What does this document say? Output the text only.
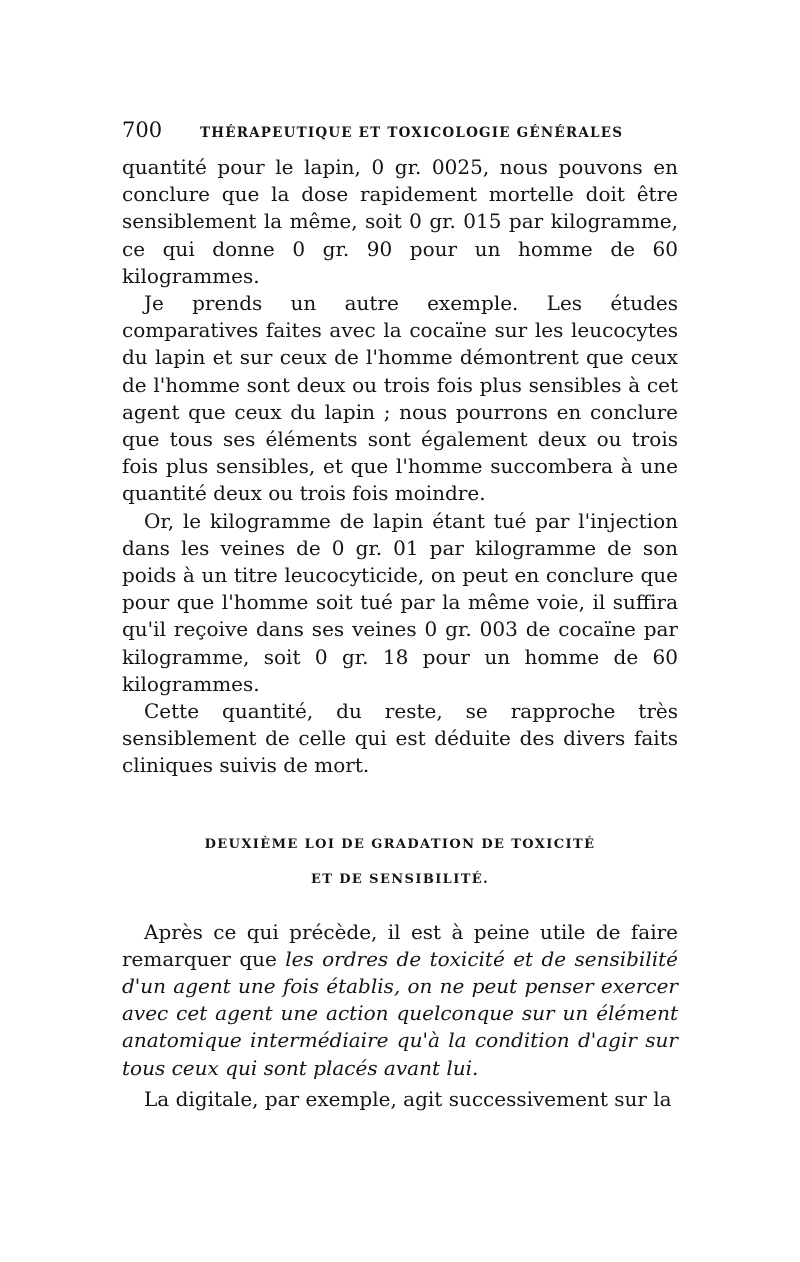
700	THÉRAPEUTIQUE ET TOXICOLOGIE GÉNÉRALES

quantité pour le lapin, 0 gr. 0025, nous pouvons en conclure que la dose rapidement mortelle doit être sensiblement la même, soit 0 gr. 015 par kilogramme, ce qui donne 0 gr. 90 pour un homme de 60 kilogrammes.

Je prends un autre exemple. Les études comparatives faites avec la cocaïne sur les leucocytes du lapin et sur ceux de l'homme démontrent que ceux de l'homme sont deux ou trois fois plus sensibles à cet agent que ceux du lapin ; nous pourrons en conclure que tous ses éléments sont également deux ou trois fois plus sensibles, et que l'homme succombera à une quantité deux ou trois fois moindre.

Or, le kilogramme de lapin étant tué par l'injection dans les veines de 0 gr. 01 par kilogramme de son poids à un titre leucocyticide, on peut en conclure que pour que l'homme soit tué par la même voie, il suffira qu'il reçoive dans ses veines 0 gr. 003 de cocaïne par kilogramme, soit 0 gr. 18 pour un homme de 60 kilogrammes.

Cette quantité, du reste, se rapproche très sensiblement de celle qui est déduite des divers faits cliniques suivis de mort.

DEUXIÈME LOI DE GRADATION DE TOXICITÉ

ET DE SENSIBILITÉ.

Après ce qui précède, il est à peine utile de faire remarquer que les ordres de toxicité et de sensibilité d'un agent une fois établis, on ne peut penser exercer avec cet agent une action quelconque sur un élément anatomique intermédiaire qu'à la condition d'agir sur tous ceux qui sont placés avant lui.

La digitale, par exemple, agit successivement sur la
